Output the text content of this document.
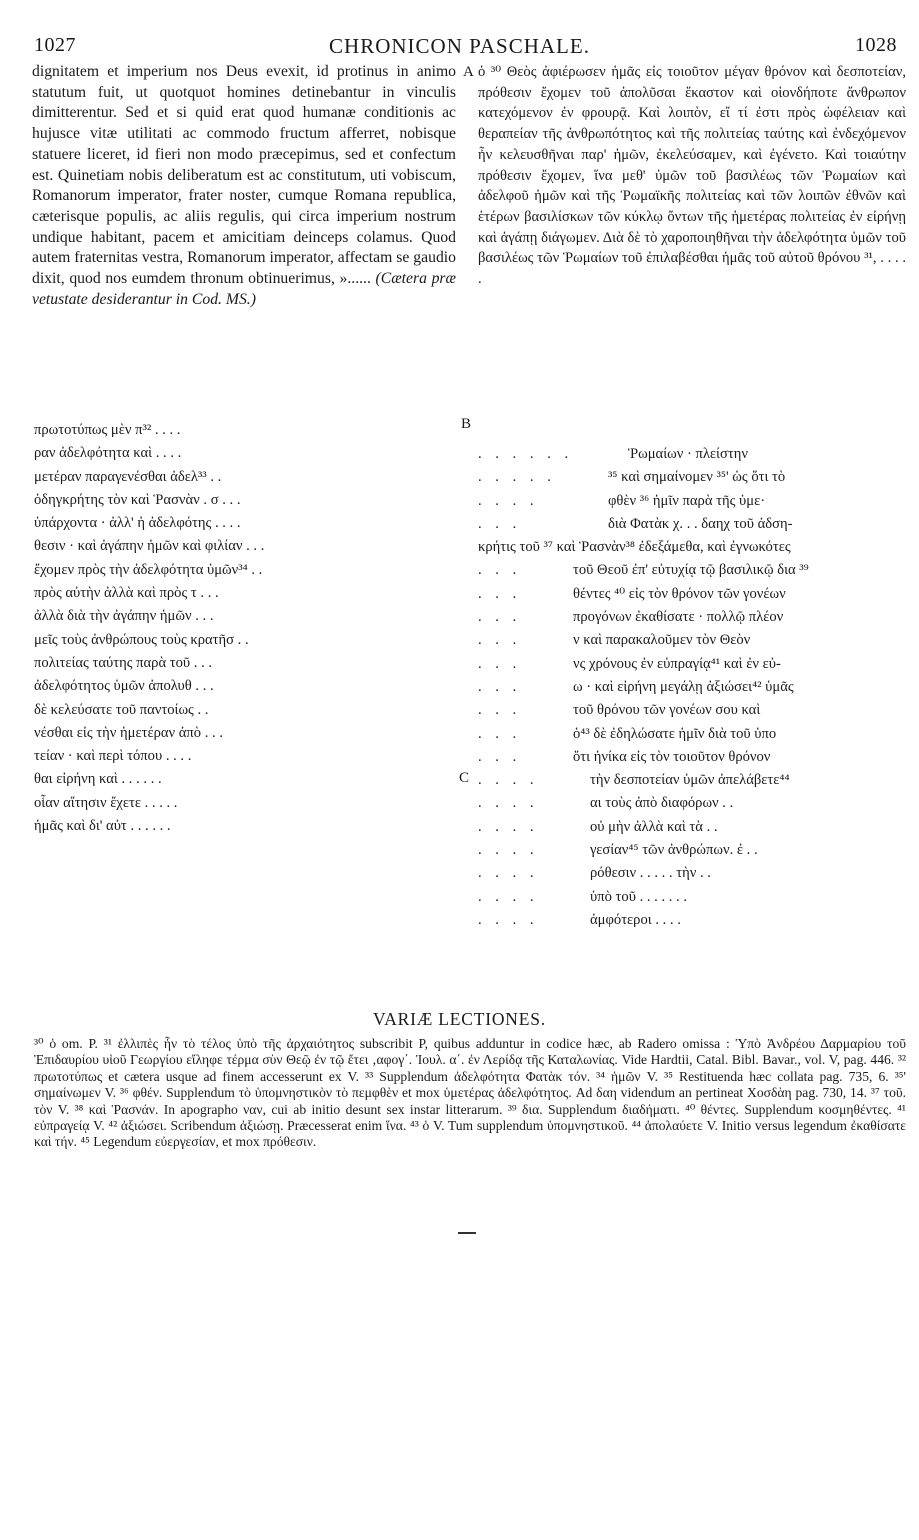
1027	CHRONICON PASCHALE.	1028
A
B
C

dignitatem et imperium nos Deus evexit, id protinus in animo statutum fuit, ut quotquot homines detinebantur in vinculis dimitterentur. Sed et si quid erat quod humanæ conditionis ac hujusce vitæ utilitati ac commodo fructum afferret, nobisque statuere liceret, id fieri non modo præcepimus, sed et confectum est. Quinetiam nobis deliberatum est ac constitutum, uti vobiscum, Romanorum imperator, frater noster, cumque Romana republica, cæterisque populis, ac aliis regulis, qui circa imperium nostrum undique habitant, pacem et amicitiam deinceps colamus. Quod autem fraternitas vestra, Romanorum imperator, affectam se gaudio dixit, quod nos eumdem thronum obtinuerimus, »...... (Cætera præ vetustate desiderantur in Cod. MS.)

ὁ ³⁰ Θεὸς ἀφιέρωσεν ἡμᾶς εἰς τοιοῦτον μέγαν θρόνον καὶ δεσποτείαν, πρόθεσιν ἔχομεν τοῦ ἀπολῦσαι ἕκαστον καὶ οἱονδήποτε ἄνθρωπον κατεχόμενον ἐν φρουρᾷ. Καὶ λοιπὸν, εἴ τί ἐστι πρὸς ὠφέλειαν καὶ θεραπείαν τῆς ἀνθρωπότητος καὶ τῆς πολιτείας ταύτης καὶ ἐνδεχόμενον ἦν κελευσθῆναι παρ' ἡμῶν, ἐκελεύσαμεν, καὶ ἐγένετο. Καὶ τοιαύτην πρόθεσιν ἔχομεν, ἵνα μεθ' ὑμῶν τοῦ βασιλέως τῶν Ῥωμαίων καὶ ἀδελφοῦ ἡμῶν καὶ τῆς Ῥωμαϊκῆς πολιτείας καὶ τῶν λοιπῶν ἐθνῶν καὶ ἑτέρων βασιλίσκων τῶν κύκλῳ ὄντων τῆς ἡμετέρας πολιτείας ἐν εἰρήνῃ καὶ ἀγάπῃ διάγωμεν. Διὰ δὲ τὸ χαροποιηθῆναι τὴν ἀδελφότητα ὑμῶν τοῦ βασιλέως τῶν Ῥωμαίων τοῦ ἐπιλαβέσθαι ἡμᾶς τοῦ αὐτοῦ θρόνου ³¹, . . . . .

πρωτοτύπως μὲν π³² . . . .
ραν ἀδελφότητα καὶ . . . .
μετέραν παραγενέσθαι ἀδελ³³ . .
ὁδηγκρήτης τὸν καὶ Ῥασνὰν . σ . . .
ὑπάρχοντα · ἀλλ' ἡ ἀδελφότης . . . .
θεσιν · καὶ ἀγάπην ἡμῶν καὶ φιλίαν . . .
ἔχομεν πρὸς τὴν ἀδελφότητα ὑμῶν³⁴ . .
πρὸς αὐτὴν ἀλλὰ καὶ πρὸς τ . . .
ἀλλὰ διὰ τὴν ἀγάπην ἡμῶν . . .
μεῖς τοὺς ἀνθρώπους τοὺς κρατῆσ . .
πολιτείας ταύτης παρὰ τοῦ . . .
ἀδελφότητος ὑμῶν ἀπολυθ . . .
δὲ κελεύσατε τοῦ παντοίως . .
νέσθαι εἰς τὴν ἡμετέραν ἀπὸ . . .
τείαν · καὶ περὶ τόπου . . . .
θαι εἰρήνη καὶ . . . . . .
οἷαν αἴτησιν ἔχετε . . . . .
ἡμᾶς καὶ δι' αὐτ . . . . . .
. . . . . .	Ῥωμαίων · πλείστην
. . . . .	³⁵ καὶ σημαίνομεν ³⁵' ὡς ὅτι τὸ
. . . .	φθὲν ³⁶ ἡμῖν παρὰ τῆς ὑμε·
. . .	διὰ Φατὰκ χ. . . δαηχ τοῦ ἀδση-
κρήτις τοῦ ³⁷ καὶ Ῥασνὰν³⁸ ἐδεξάμεθα, καὶ ἐγνωκότες
. . .	τοῦ Θεοῦ ἐπ' εὐτυχίᾳ τῷ βασιλικῷ δια ³⁹
. . .	θέντες ⁴⁰ εἰς τὸν θρόνον τῶν γονέων
. . .	προγόνων ἐκαθίσατε · πολλῷ πλέον
. . .	ν καὶ παρακαλοῦμεν τὸν Θεὸν
. . .	νς χρόνους ἐν εὐπραγίᾳ⁴¹ καὶ ἐν εὐ-
. . .	ω · καὶ εἰρήνη μεγάλῃ ἀξιώσει⁴² ὑμᾶς
. . .	τοῦ θρόνου τῶν γονέων σου καὶ
. . .	ὁ⁴³ δὲ ἐδηλώσατε ἡμῖν διὰ τοῦ ὑπο
. . .	ὅτι ἡνίκα εἰς τὸν τοιοῦτον θρόνον
. . . .	τὴν δεσποτείαν ὑμῶν ἀπελάβετε⁴⁴
. . . .	αι τοὺς ἀπὸ διαφόρων . .
. . . .	οὐ μὴν ἀλλὰ καὶ τὰ . .
. . . .	γεσίαν⁴⁵ τῶν ἀνθρώπων. ἐ . .
. . . .	ρόθεσιν . . . . . τὴν . .
. . . .	ὑπὸ τοῦ . . . . . . .
. . . .	ἀμφότεροι . . . .
VARIÆ LECTIONES.
³⁰ ὁ om. P. ³¹ ἐλλιπὲς ἦν τὸ τέλος ὑπὸ τῆς ἀρχαιότητος subscribit P, quibus adduntur in codice hæc, ab Radero omissa : Ὑπὸ Ἀνδρέου Δαρμαρίου τοῦ Ἐπιδαυρίου υἱοῦ Γεωργίου εἴληφε τέρμα σὺν Θεῷ ἐν τῷ ἔτει ‚αφογ΄. Ἰουλ. α΄. ἐν Λερίδᾳ τῆς Καταλωνίας. Vide Hardtii, Catal. Bibl. Bavar., vol. V, pag. 446. ³² πρωτοτύπως et cætera usque ad finem accesserunt ex V. ³³ Supplendum ἀδελφότητα Φατὰκ τόν. ³⁴ ἡμῶν V. ³⁵ Restituenda hæc collata pag. 735, 6. ³⁵' σημαίνωμεν V. ³⁶ φθέν. Supplendum τὸ ὑπομνηστικὸν τὸ πεμφθὲν et mox ὑμετέρας ἀδελφότητος. Ad δαη videndum an pertineat Χοσδὰη pag. 730, 14. ³⁷ τοῦ. τὸν V. ³⁸ καὶ Ῥασνάν. In apographo ναν, cui ab initio desunt sex instar litterarum. ³⁹ δια. Supplendum διαδήματι. ⁴⁰ θέντες. Supplendum κοσμηθέντες. ⁴¹ εὐπραγείᾳ V. ⁴² ἀξιώσει. Scribendum ἀξιώσῃ. Præcesserat enim ἵνα. ⁴³ ὁ V. Tum supplendum ὑπομνηστικοῦ. ⁴⁴ ἀπολαύετε V. Initio versus legendum ἐκαθίσατε καὶ τήν. ⁴⁵ Legendum εὐεργεσίαν, et mox πρόθεσιν.
